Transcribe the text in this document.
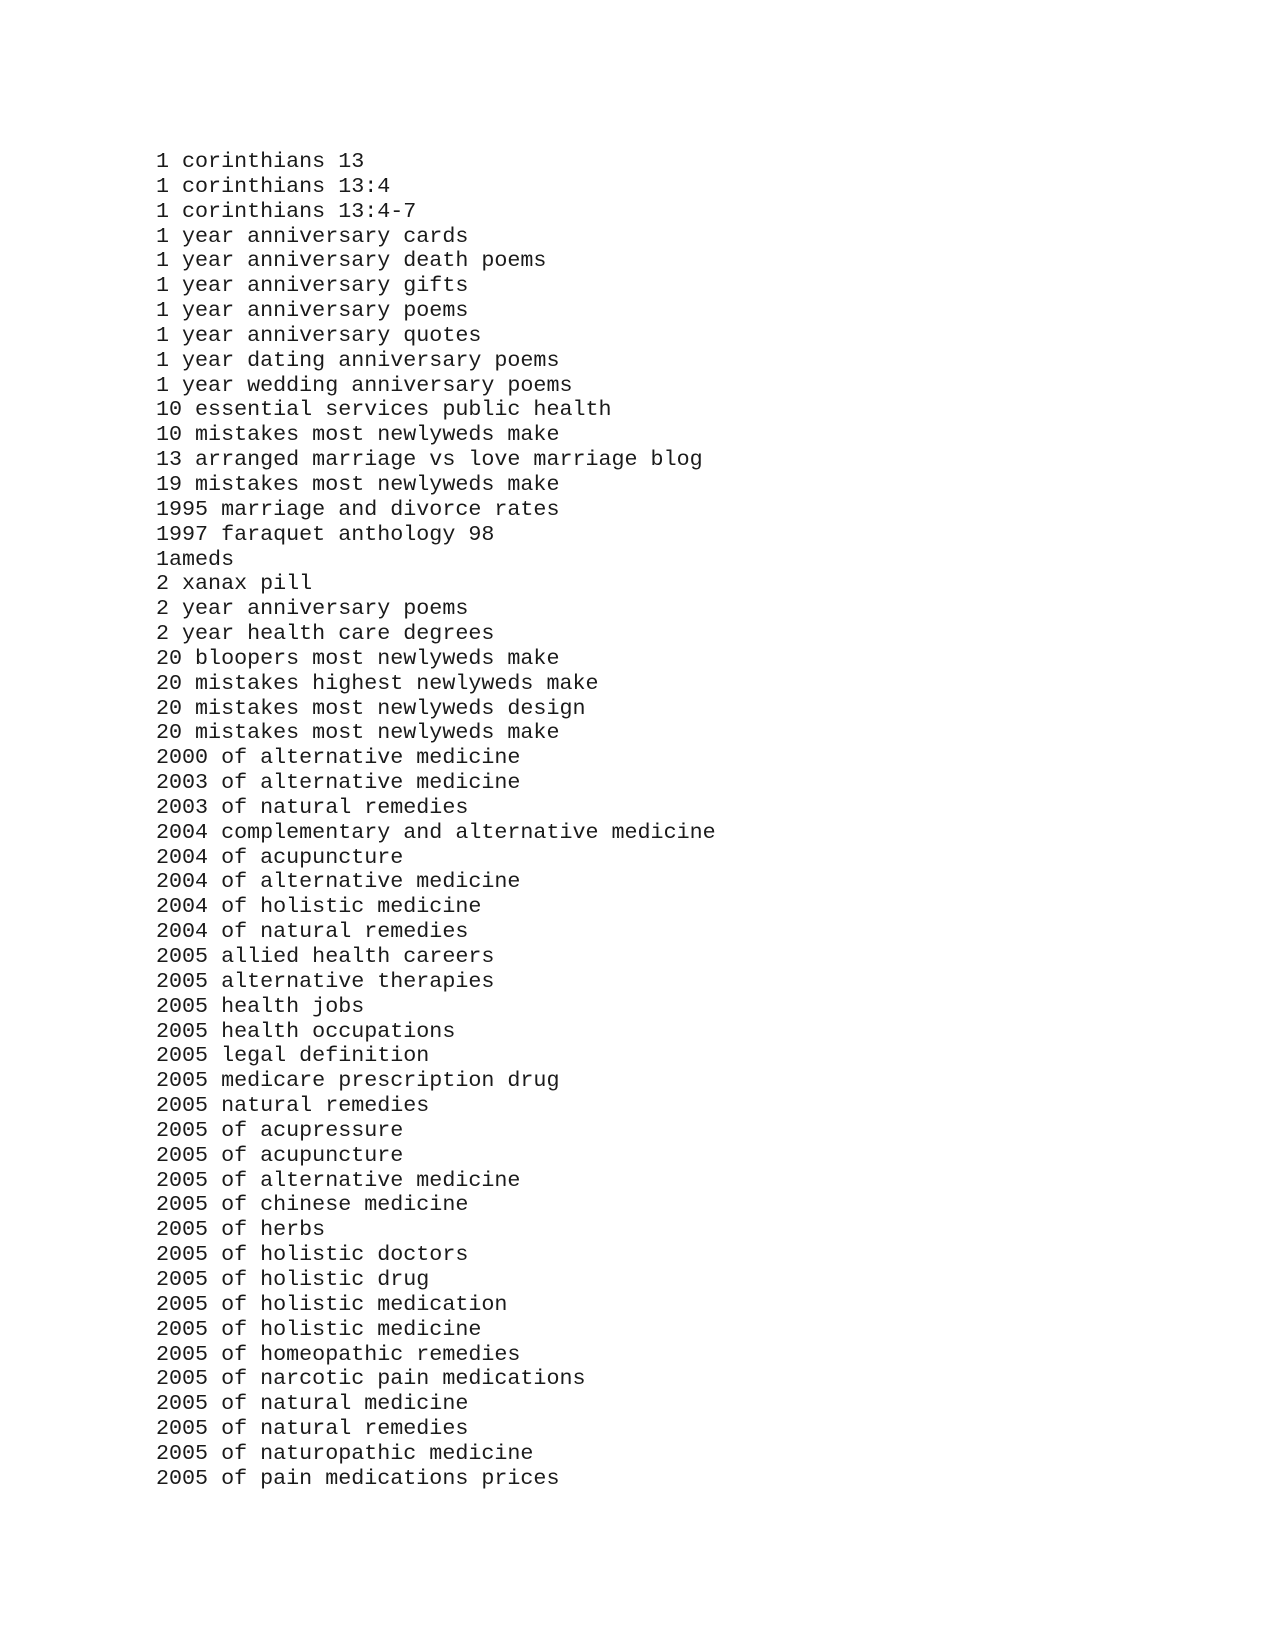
1 corinthians 13
1 corinthians 13:4
1 corinthians 13:4-7
1 year anniversary cards
1 year anniversary death poems
1 year anniversary gifts
1 year anniversary poems
1 year anniversary quotes
1 year dating anniversary poems
1 year wedding anniversary poems
10 essential services public health
10 mistakes most newlyweds make
13 arranged marriage vs love marriage blog
19 mistakes most newlyweds make
1995 marriage and divorce rates
1997 faraquet anthology 98
1ameds
2 xanax pill
2 year anniversary poems
2 year health care degrees
20 bloopers most newlyweds make
20 mistakes highest newlyweds make
20 mistakes most newlyweds design
20 mistakes most newlyweds make
2000 of alternative medicine
2003 of alternative medicine
2003 of natural remedies
2004 complementary and alternative medicine
2004 of acupuncture
2004 of alternative medicine
2004 of holistic medicine
2004 of natural remedies
2005 allied health careers
2005 alternative therapies
2005 health jobs
2005 health occupations
2005 legal definition
2005 medicare prescription drug
2005 natural remedies
2005 of acupressure
2005 of acupuncture
2005 of alternative medicine
2005 of chinese medicine
2005 of herbs
2005 of holistic doctors
2005 of holistic drug
2005 of holistic medication
2005 of holistic medicine
2005 of homeopathic remedies
2005 of narcotic pain medications
2005 of natural medicine
2005 of natural remedies
2005 of naturopathic medicine
2005 of pain medications prices
